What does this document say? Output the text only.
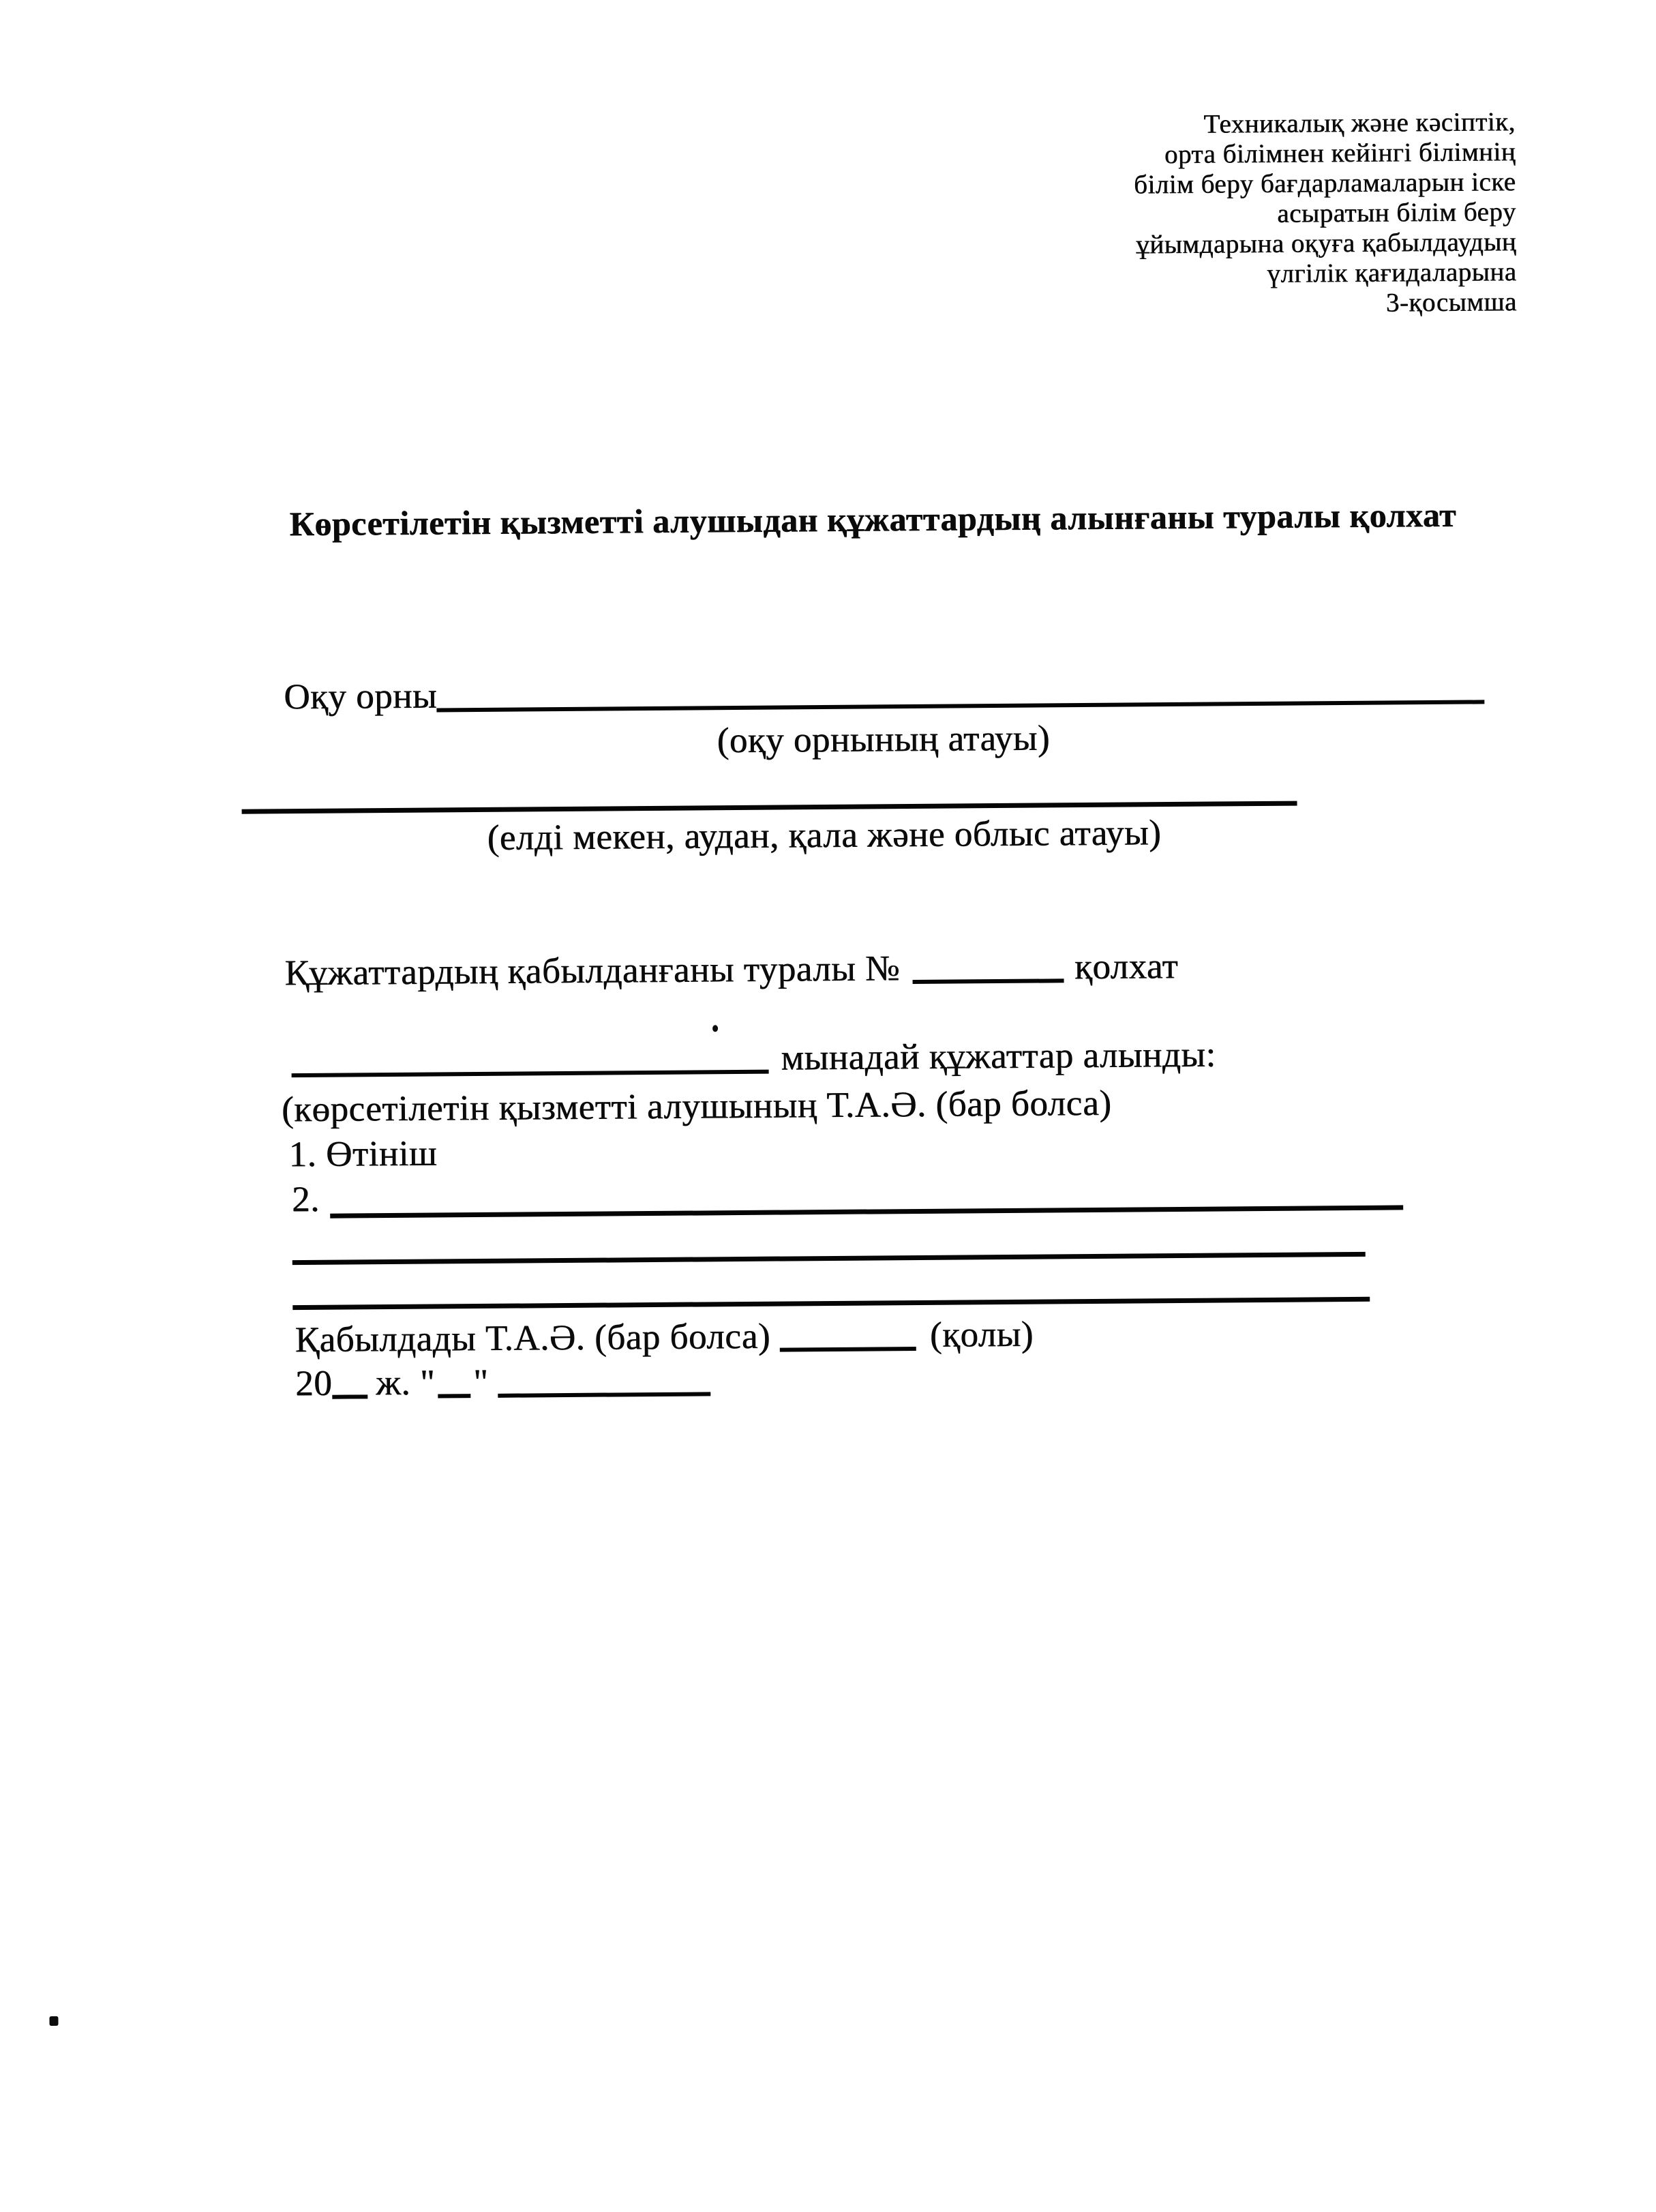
Техникалық және кәсіптік,
орта білімнен кейінгі білімнің
білім беру бағдарламаларын іске
асыратын білім беру
ұйымдарына оқуға қабылдаудың
үлгілік қағидаларына
3-қосымша
Көрсетілетін қызметті алушыдан құжаттардың алынғаны туралы қолхат
Оқу орны
(оқу орнының атауы)
(елді мекен, аудан, қала және облыс атауы)
Құжаттардың қабылданғаны туралы №	қолхат
мынадай құжаттар алынды:
(көрсетілетін қызметті алушының Т.А.Ә. (бар болса)
1. Өтініш
2.
Қабылдады Т.А.Ә. (бар болса)	(қолы)
20 ж. " "
